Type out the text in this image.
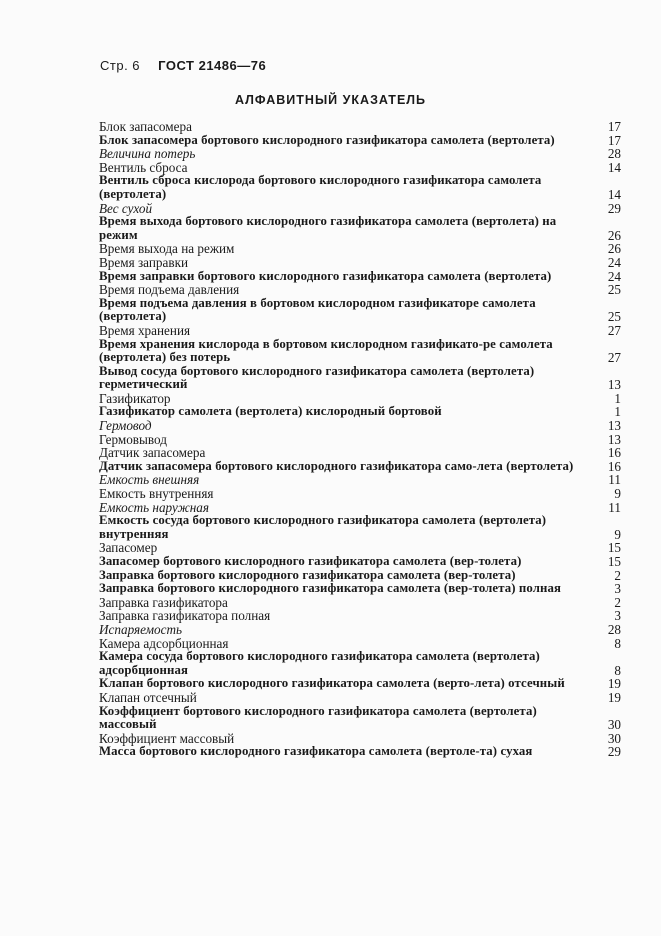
Стр. 6 ГОСТ 21486—76
АЛФАВИТНЫЙ УКАЗАТЕЛЬ
Блок запасомера	17
Блок запасомера бортового кислородного газификатора самолета (вертолета)	17
Величина потерь	28
Вентиль сброса	14
Вентиль сброса кислорода бортового кислородного газификатора самолета (вертолета)	14
Вес сухой	29
Время выхода бортового кислородного газификатора самолета (вертолета) на режим	26
Время выхода на режим	26
Время заправки	24
Время заправки бортового кислородного газификатора самолета (вертолета)	24
Время подъема давления	25
Время подъема давления в бортовом кислородном газификаторе самолета (вертолета)	25
Время хранения	27
Время хранения кислорода в бортовом кислородном газификато-ре самолета (вертолета) без потерь	27
Вывод сосуда бортового кислородного газификатора самолета (вертолета) герметический	13
Газификатор	1
Газификатор самолета (вертолета) кислородный бортовой	1
Гермовод	13
Гермовывод	13
Датчик запасомера	16
Датчик запасомера бортового кислородного газификатора само-лета (вертолета)	16
Емкость внешняя	11
Емкость внутренняя	9
Емкость наружная	11
Емкость сосуда бортового кислородного газификатора самолета (вертолета) внутренняя	9
Запасомер	15
Запасомер бортового кислородного газификатора самолета (вер-толета)	15
Заправка бортового кислородного газификатора самолета (вер-толета)	2
Заправка бортового кислородного газификатора самолета (вер-толета) полная	3
Заправка газификатора	2
Заправка газификатора полная	3
Испаряемость	28
Камера адсорбционная	8
Камера сосуда бортового кислородного газификатора самолета (вертолета) адсорбционная	8
Клапан бортового кислородного газификатора самолета (верто-лета) отсечный	19
Клапан отсечный	19
Коэффициент бортового кислородного газификатора самолета (вертолета) массовый	30
Коэффициент массовый	30
Масса бортового кислородного газификатора самолета (вертоле-та) сухая	29
